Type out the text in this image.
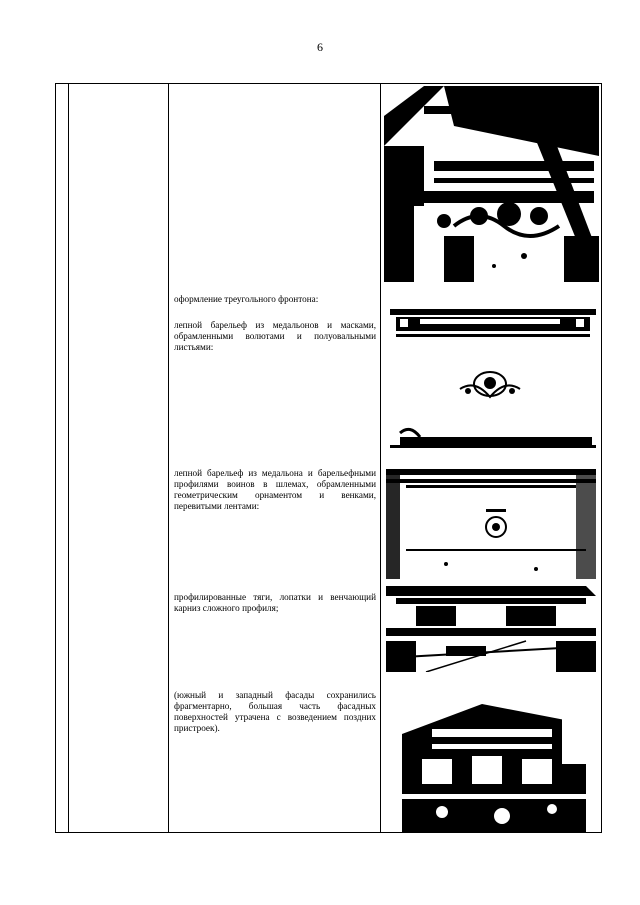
6
оформление треугольного фронтона:
лепной барельеф из медальонов и масками, обрамленными волютами и полуовальными листьями:
лепной барельеф из медальона и барельефными профилями воинов в шлемах, обрамленными геометрическим орнаментом и венками, перевитыми лентами:
профилированные тяги, лопатки и венчающий карниз сложного профиля;
(южный и западный фасады сохранились фрагментарно, большая часть фасадных поверхностей утрачена с возведением поздних пристроек).
